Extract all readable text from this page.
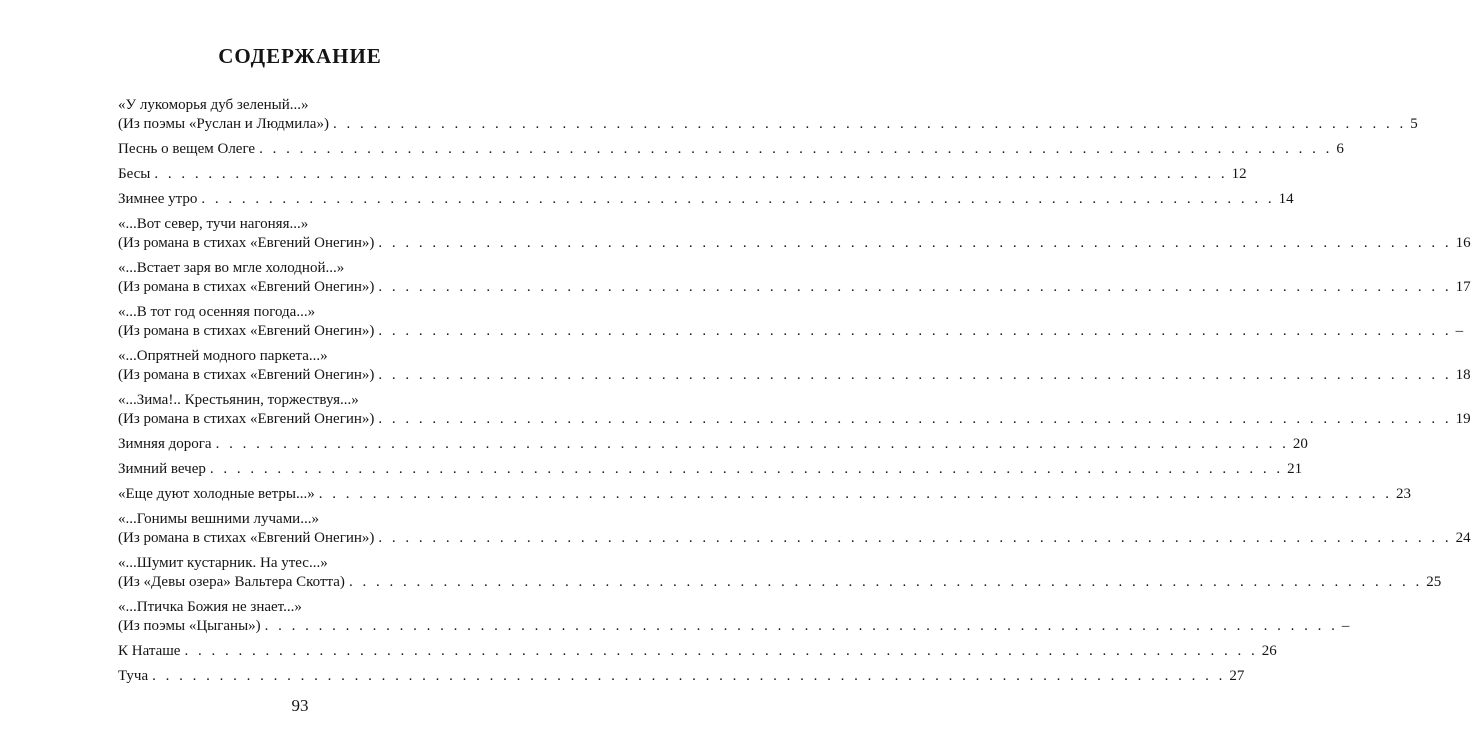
СОДЕРЖАНИЕ
«У лукоморья дуб зеленый...»
(Из поэмы «Руслан и Людмила») . . . . . . . . . . . . . . . . . . . . . . . . . . . . . . . . . . . . . . . . . . . . . . . . . . . . . . . . . . . . . . . . . . . . . . . . . . . . . . . . 5
Песнь о вещем Олеге . . . . . . . . . . . . . . . . . . . . . . . . . . . . . . . . . . . . . . . . . . . . . . . . . . . . . . . . . . . . . . . . . . . . . . . . . . . . . . . . 6
Бесы . . . . . . . . . . . . . . . . . . . . . . . . . . . . . . . . . . . . . . . . . . . . . . . . . . . . . . . . . . . . . . . . . . . . . . . . . . . . . . . . 12
Зимнее утро . . . . . . . . . . . . . . . . . . . . . . . . . . . . . . . . . . . . . . . . . . . . . . . . . . . . . . . . . . . . . . . . . . . . . . . . . . . . . . . . 14
«...Вот север, тучи нагоняя...»
(Из романа в стихах «Евгений Онегин») . . . . . . . . . . . . . . . . . . . . . . . . . . . . . . . . . . . . . . . . . . . . . . . . . . . . . . . . . . . . . . . . . . . . . . . . . . . . . . . . 16
«...Встает заря во мгле холодной...»
(Из романа в стихах «Евгений Онегин») . . . . . . . . . . . . . . . . . . . . . . . . . . . . . . . . . . . . . . . . . . . . . . . . . . . . . . . . . . . . . . . . . . . . . . . . . . . . . . . . 17
«...В тот год осенняя погода...»
(Из романа в стихах «Евгений Онегин») . . . . . . . . . . . . . . . . . . . . . . . . . . . . . . . . . . . . . . . . . . . . . . . . . . . . . . . . . . . . . . . . . . . . . . . . . . . . . . . . –
«...Опрятней модного паркета...»
(Из романа в стихах «Евгений Онегин») . . . . . . . . . . . . . . . . . . . . . . . . . . . . . . . . . . . . . . . . . . . . . . . . . . . . . . . . . . . . . . . . . . . . . . . . . . . . . . . . 18
«...Зима!.. Крестьянин, торжествуя...»
(Из романа в стихах «Евгений Онегин») . . . . . . . . . . . . . . . . . . . . . . . . . . . . . . . . . . . . . . . . . . . . . . . . . . . . . . . . . . . . . . . . . . . . . . . . . . . . . . . . 19
Зимняя дорога . . . . . . . . . . . . . . . . . . . . . . . . . . . . . . . . . . . . . . . . . . . . . . . . . . . . . . . . . . . . . . . . . . . . . . . . . . . . . . . . 20
Зимний вечер . . . . . . . . . . . . . . . . . . . . . . . . . . . . . . . . . . . . . . . . . . . . . . . . . . . . . . . . . . . . . . . . . . . . . . . . . . . . . . . . 21
«Еще дуют холодные ветры...» . . . . . . . . . . . . . . . . . . . . . . . . . . . . . . . . . . . . . . . . . . . . . . . . . . . . . . . . . . . . . . . . . . . . . . . . . . . . . . . . 23
«...Гонимы вешними лучами...»
(Из романа в стихах «Евгений Онегин») . . . . . . . . . . . . . . . . . . . . . . . . . . . . . . . . . . . . . . . . . . . . . . . . . . . . . . . . . . . . . . . . . . . . . . . . . . . . . . . . 24
«...Шумит кустарник. На утес...»
(Из «Девы озера» Вальтера Скотта) . . . . . . . . . . . . . . . . . . . . . . . . . . . . . . . . . . . . . . . . . . . . . . . . . . . . . . . . . . . . . . . . . . . . . . . . . . . . . . . . 25
«...Птичка Божия не знает...»
(Из поэмы «Цыганы») . . . . . . . . . . . . . . . . . . . . . . . . . . . . . . . . . . . . . . . . . . . . . . . . . . . . . . . . . . . . . . . . . . . . . . . . . . . . . . . . –
К Наташе . . . . . . . . . . . . . . . . . . . . . . . . . . . . . . . . . . . . . . . . . . . . . . . . . . . . . . . . . . . . . . . . . . . . . . . . . . . . . . . . 26
Туча . . . . . . . . . . . . . . . . . . . . . . . . . . . . . . . . . . . . . . . . . . . . . . . . . . . . . . . . . . . . . . . . . . . . . . . . . . . . . . . . 27
93
